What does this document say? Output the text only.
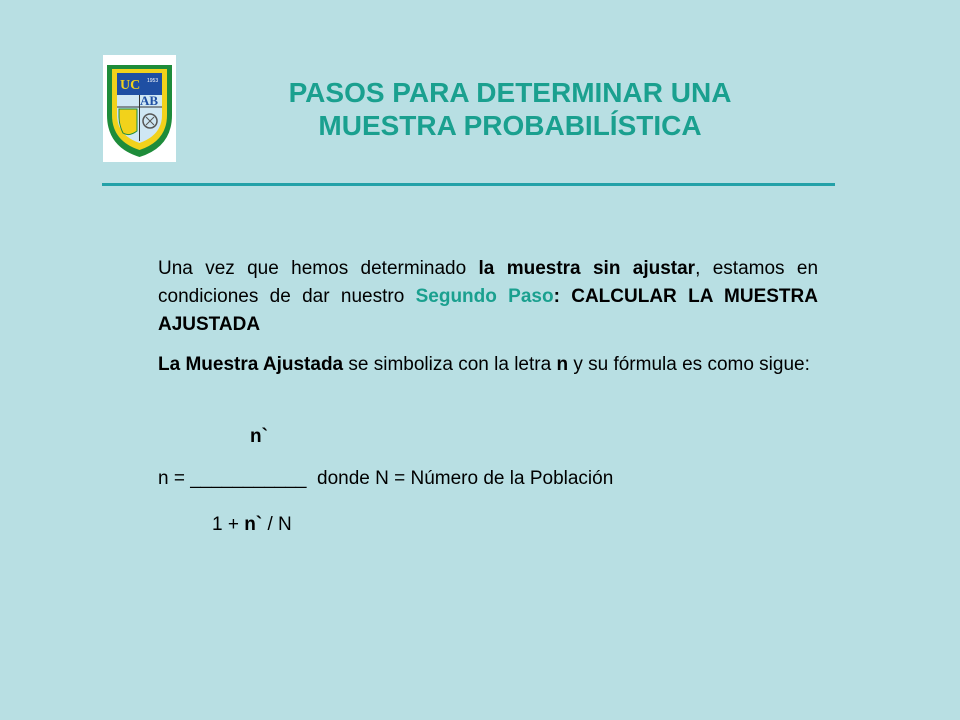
UC
AB
1953	PASOS PARA DETERMINAR UNA
MUESTRA PROBABILÍSTICA

Una vez que hemos determinado la muestra sin ajustar, estamos en condiciones de dar nuestro Segundo Paso: CALCULAR LA MUESTRA AJUSTADA

La Muestra Ajustada se simboliza con la letra n y su fórmula es como sigue:

n`
n = ___________  donde N = Número de la Población
1 + n` / N
